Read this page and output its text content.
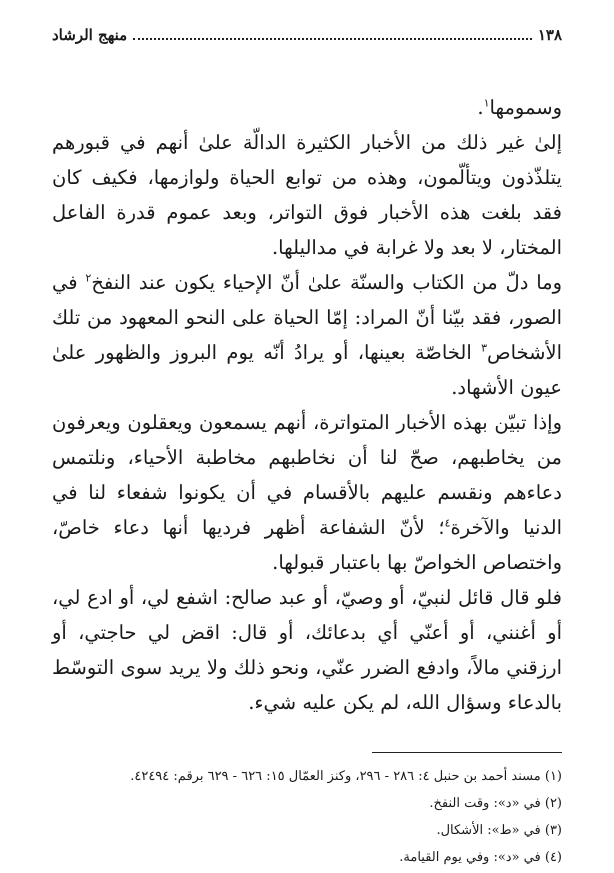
١٣٨
منهج الرشاد

وسمومها$^١$.

إلىٰ غير ذلك من الأخبار الكثيرة الدالّة علىٰ أنهم في قبورهم يتلذّذون ويتألّمون، وهذه من توابع الحياة ولوازمها، فكيف كان فقد بلغت هذه الأخبار فوق التواتر، وبعد عموم قدرة الفاعل المختار، لا بعد ولا غرابة في مداليلها.

وما دلّ من الكتاب والسنّة علىٰ أنّ الإحياء يكون عند النفخ$^٢$ في الصور، فقد بيّنا أنّ المراد: إمّا الحياة على النحو المعهود من تلك الأشخاص$^٣$ الخاصّة بعينها، أو يرادُ أنّه يوم البروز والظهور علىٰ عيون الأشهاد.

وإذا تبيّن بهذه الأخبار المتواترة، أنهم يسمعون ويعقلون ويعرفون من يخاطبهم، صحّ لنا أن نخاطبهم مخاطبة الأحياء، ونلتمس دعاءهم ونقسم عليهم بالأقسام في أن يكونوا شفعاء لنا في الدنيا والآخرة$^٤$؛ لأنّ الشفاعة أظهر فرديها أنها دعاء خاصّ، واختصاص الخواصّ بها باعتبار قبولها.

فلو قال قائل لنبيّ، أو وصيّ، أو عبد صالح: اشفع لي، أو ادع لي، أو أغنني، أو أعنّي أي بدعائك، أو قال: اقض لي حاجتي، أو ارزقني مالاً، وادفع الضرر عنّي، ونحو ذلك ولا يريد سوى التوسّط بالدعاء وسؤال الله، لم يكن عليه شيء.

(١) مسند أحمد بن حنبل ٤: ٢٨٦ - ٢٩٦، وكنز العمّال ١٥: ٦٢٦ - ٦٢٩ برقم: ٤٢٤٩٤.

(٢) في «د»: وقت النفخ.

(٣) في «ط»: الأشكال.

(٤) في «د»: وفي يوم القيامة.
